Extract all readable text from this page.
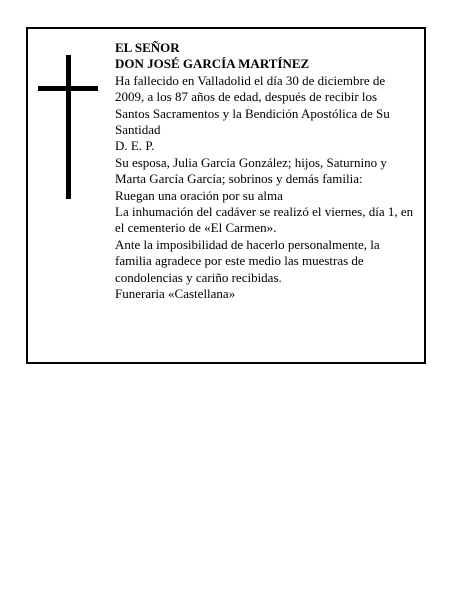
EL SEÑOR

DON JOSÉ GARCÍA MARTÍNEZ

Ha fallecido en Valladolid el día 30 de diciembre de 2009, a los 87 años de edad, después de recibir los Santos Sacramentos y la Bendición Apostólica de Su Santidad

D. E. P.

Su esposa, Julia García González; hijos, Saturnino y Marta García García; sobrinos y demás familia:

Ruegan una oración por su alma

La inhumación del cadáver se realizó el viernes, día 1, en el cementerio de «El Carmen».

Ante la imposibilidad de hacerlo personalmente, la familia agradece por este medio las muestras de condolencias y cariño recibidas.

Funeraria «Castellana»
